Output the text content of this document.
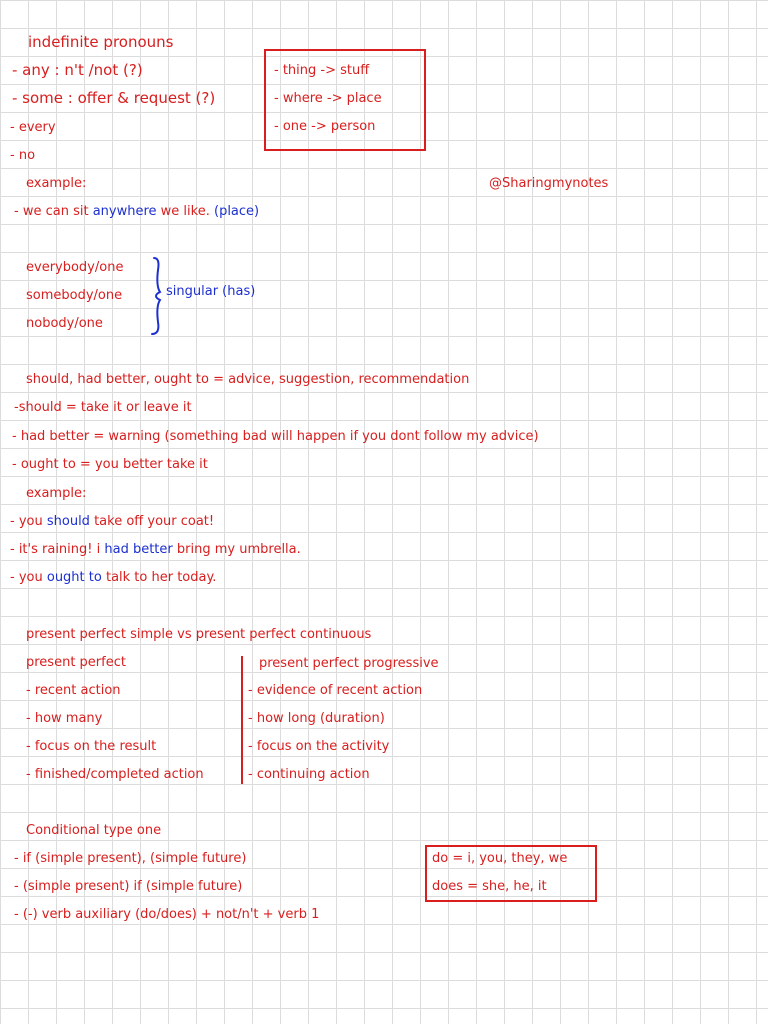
indefinite pronouns
- any : n't /not (?)
- some : offer & request (?)
- every
- no
- thing -> stuff
- where -> place
- one -> person
example:	@Sharingmynotes
- we can sit anywhere we like. (place)
everybody/one
somebody/one
nobody/one
singular (has)
should, had better, ought to = advice, suggestion, recommendation
-should = take it or leave it
- had better = warning (something bad will happen if you dont follow my advice)
- ought to = you better take it
example:
- you should take off your coat!
- it's raining! i had better bring my umbrella.
- you ought to talk to her today.
present perfect simple vs present perfect continuous
present perfect
- recent action
- how many
- focus on the result
- finished/completed action
present perfect progressive
- evidence of recent action
- how long (duration)
- focus on the activity
- continuing action
Conditional type one
- if (simple present), (simple future)
- (simple present) if (simple future)
- (-) verb auxiliary (do/does) + not/n't + verb 1
do = i, you, they, we
does = she, he, it
